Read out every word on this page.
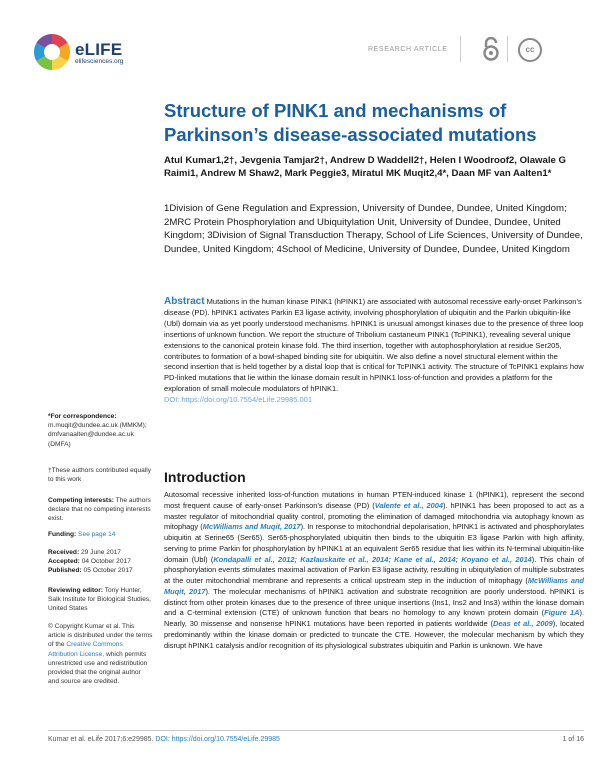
eLIFE
elifesciences.org
RESEARCH ARTICLE	cc
Structure of PINK1 and mechanisms of Parkinson’s disease-associated mutations
Atul Kumar1,2†, Jevgenia Tamjar2†, Andrew D Waddell2†, Helen I Woodroof2, Olawale G Raimi1, Andrew M Shaw2, Mark Peggie3, Miratul MK Muqit2,4*, Daan MF van Aalten1*
1Division of Gene Regulation and Expression, University of Dundee, Dundee, United Kingdom; 2MRC Protein Phosphorylation and Ubiquitylation Unit, University of Dundee, Dundee, United Kingdom; 3Division of Signal Transduction Therapy, School of Life Sciences, University of Dundee, Dundee, United Kingdom; 4School of Medicine, University of Dundee, Dundee, United Kingdom
Abstract Mutations in the human kinase PINK1 (hPINK1) are associated with autosomal recessive early-onset Parkinson’s disease (PD). hPINK1 activates Parkin E3 ligase activity, involving phosphorylation of ubiquitin and the Parkin ubiquitin-like (Ubl) domain via as yet poorly understood mechanisms. hPINK1 is unusual amongst kinases due to the presence of three loop insertions of unknown function. We report the structure of Tribolium castaneum PINK1 (TcPINK1), revealing several unique extensions to the canonical protein kinase fold. The third insertion, together with autophosphorylation at residue Ser205, contributes to formation of a bowl-shaped binding site for ubiquitin. We also define a novel structural element within the second insertion that is held together by a distal loop that is critical for TcPINK1 activity. The structure of TcPINK1 explains how PD-linked mutations that lie within the kinase domain result in hPINK1 loss-of-function and provides a platform for the exploration of small molecule modulators of hPINK1.
DOI: https://doi.org/10.7554/eLife.29985.001
*For correspondence:
m.muqit@dundee.ac.uk (MMKM); dmfvanaalten@dundee.ac.uk (DMFA)
†These authors contributed equally to this work
Competing interests: The authors declare that no competing interests exist.
Funding: See page 14
Received: 29 June 2017
Accepted: 04 October 2017
Published: 05 October 2017
Reviewing editor: Tony Hunter, Salk Institute for Biological Studies, United States
© Copyright Kumar et al. This article is distributed under the terms of the Creative Commons Attribution License, which permits unrestricted use and redistribution provided that the original author and source are credited.
Introduction
Autosomal recessive inherited loss-of-function mutations in human PTEN-induced kinase 1 (hPINK1), represent the second most frequent cause of early-onset Parkinson’s disease (PD) (Valente et al., 2004). hPINK1 has been proposed to act as a master regulator of mitochondrial quality control, promoting the elimination of damaged mitochondria via autophagy known as mitophagy (McWilliams and Muqit, 2017). In response to mitochondrial depolarisation, hPINK1 is activated and phosphorylates ubiquitin at Serine65 (Ser65). Ser65-phosphorylated ubiquitin then binds to the ubiquitin E3 ligase Parkin with high affinity, serving to prime Parkin for phosphorylation by hPINK1 at an equivalent Ser65 residue that lies within its N-terminal ubiquitin-like domain (Ubl) (Kondapalli et al., 2012; Kazlauskaite et al., 2014; Kane et al., 2014; Koyano et al., 2014). This chain of phosphorylation events stimulates maximal activation of Parkin E3 ligase activity, resulting in ubiquitylation of multiple substrates at the outer mitochondrial membrane and represents a critical upstream step in the induction of mitophagy (McWilliams and Muqit, 2017). The molecular mechanisms of hPINK1 activation and substrate recognition are poorly understood. hPINK1 is distinct from other protein kinases due to the presence of three unique insertions (Ins1, Ins2 and Ins3) within the kinase domain and a C-terminal extension (CTE) of unknown function that bears no homology to any known protein domain (Figure 1A). Nearly, 30 missense and nonsense hPINK1 mutations have been reported in patients worldwide (Deas et al., 2009), located predominantly within the kinase domain or predicted to truncate the CTE. However, the molecular mechanism by which they disrupt hPINK1 catalysis and/or recognition of its physiological substrates ubiquitin and Parkin is unknown. We have
Kumar et al. eLife 2017;6:e29985. DOI: https://doi.org/10.7554/eLife.29985	1 of 16
